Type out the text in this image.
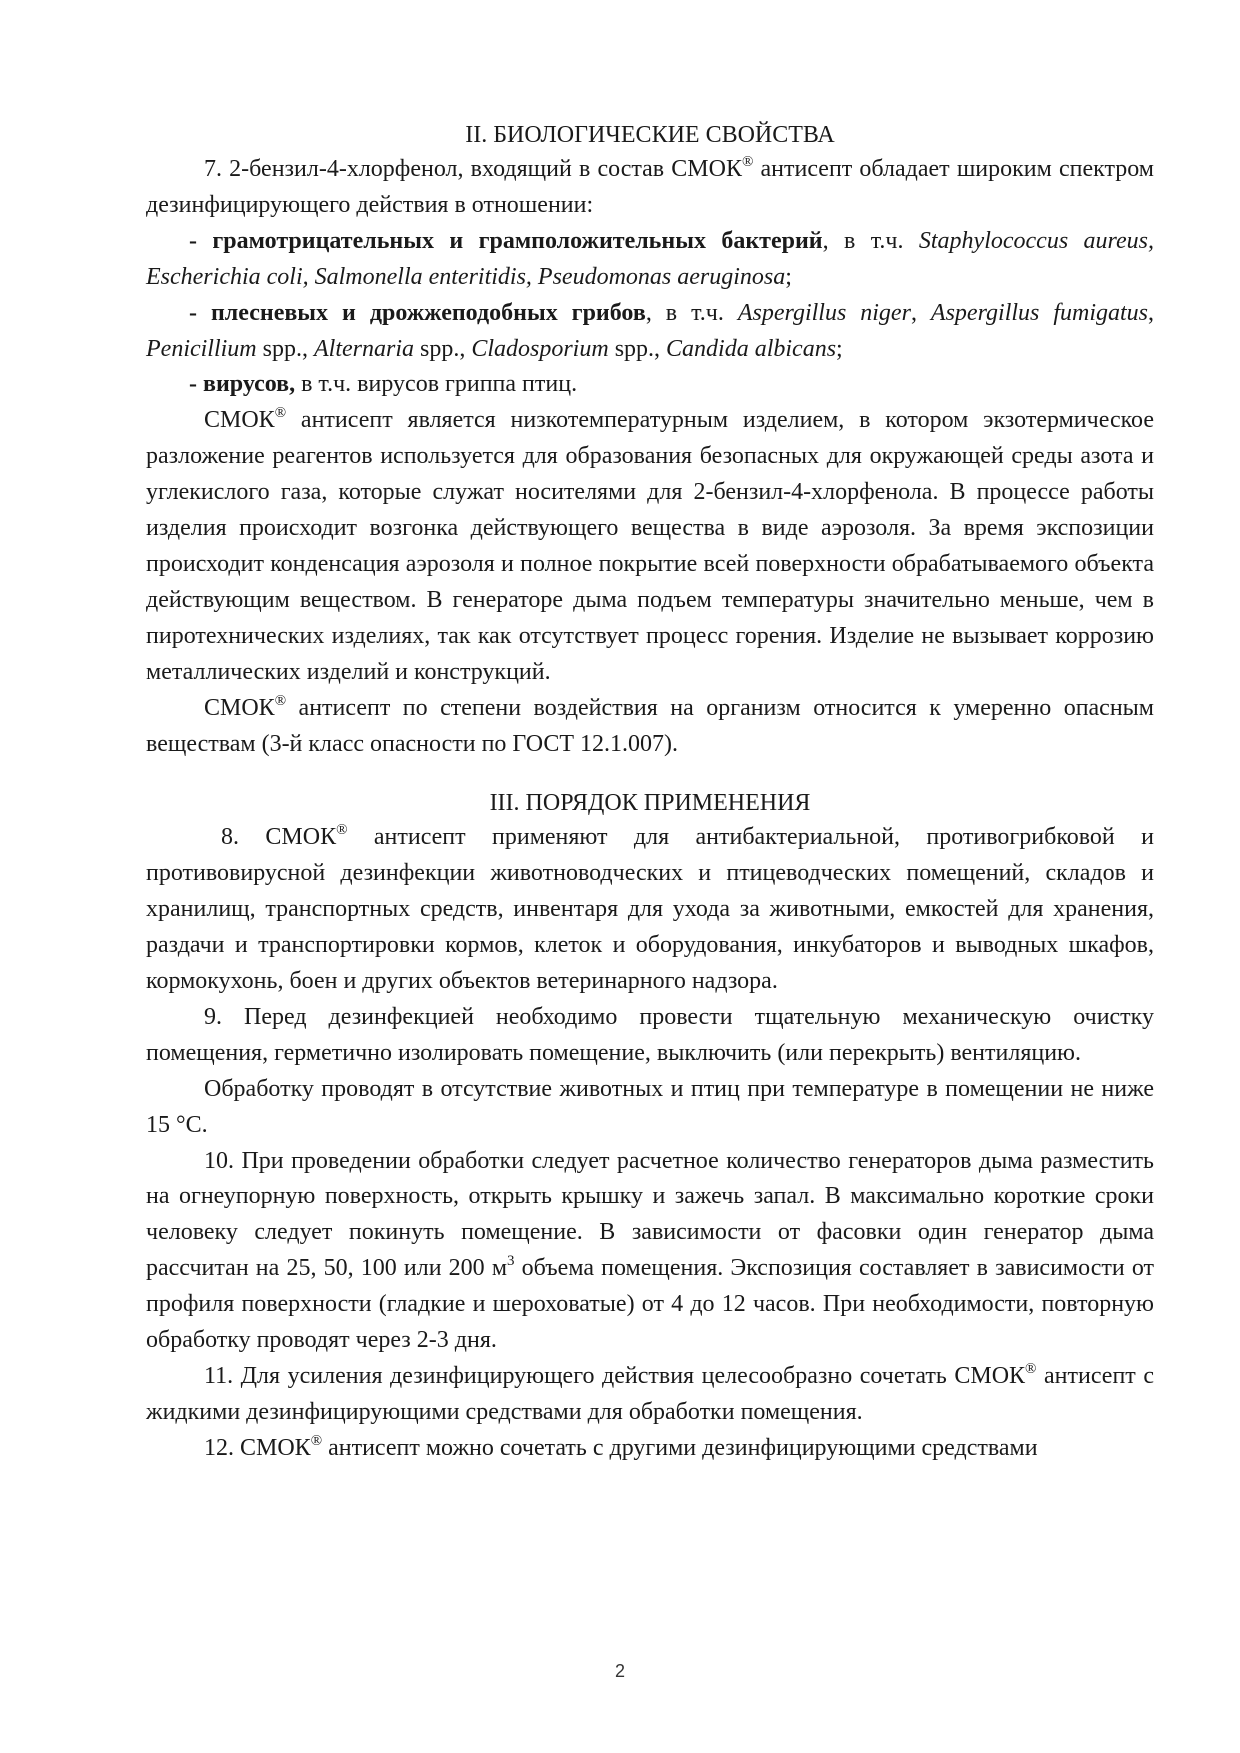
II. БИОЛОГИЧЕСКИЕ СВОЙСТВА

7. 2-бензил-4-хлорфенол, входящий в состав СМОК® антисепт обладает широким спектром дезинфицирующего действия в отношении:

- грамотрицательных и грамположительных бактерий, в т.ч. Staphylococcus aureus, Escherichia coli, Salmonella enteritidis, Pseudomonas aeruginosa;

- плесневых и дрожжеподобных грибов, в т.ч. Aspergillus niger, Aspergillus fumigatus, Penicillium spp., Alternaria spp., Cladosporium spp., Candida albicans;

- вирусов, в т.ч. вирусов гриппа птиц.

СМОК® антисепт является низкотемпературным изделием, в котором экзотермическое разложение реагентов используется для образования безопасных для окружающей среды азота и углекислого газа, которые служат носителями для 2-бензил-4-хлорфенола. В процессе работы изделия происходит возгонка действующего вещества в виде аэрозоля. За время экспозиции происходит конденсация аэрозоля и полное покрытие всей поверхности обрабатываемого объекта действующим веществом. В генераторе дыма подъем температуры значительно меньше, чем в пиротехнических изделиях, так как отсутствует процесс горения. Изделие не вызывает коррозию металлических изделий и конструкций.

СМОК® антисепт по степени воздействия на организм относится к умеренно опасным веществам (3-й класс опасности по ГОСТ 12.1.007).

III. ПОРЯДОК ПРИМЕНЕНИЯ

8. СМОК® антисепт применяют для антибактериальной, противогрибковой и противовирусной дезинфекции животноводческих и птицеводческих помещений, складов и хранилищ, транспортных средств, инвентаря для ухода за животными, емкостей для хранения, раздачи и транспортировки кормов, клеток и оборудования, инкубаторов и выводных шкафов, кормокухонь, боен и других объектов ветеринарного надзора.

9. Перед дезинфекцией необходимо провести тщательную механическую очистку помещения, герметично изолировать помещение, выключить (или перекрыть) вентиляцию.

Обработку проводят в отсутствие животных и птиц при температуре в помещении не ниже 15 °С.

10. При проведении обработки следует расчетное количество генераторов дыма разместить на огнеупорную поверхность, открыть крышку и зажечь запал. В максимально короткие сроки человеку следует покинуть помещение. В зависимости от фасовки один генератор дыма рассчитан на 25, 50, 100 или 200 $м^3$ объема помещения. Экспозиция составляет в зависимости от профиля поверхности (гладкие и шероховатые) от 4 до 12 часов. При необходимости, повторную обработку проводят через 2-3 дня.

11. Для усиления дезинфицирующего действия целесообразно сочетать СМОК® антисепт с жидкими дезинфицирующими средствами для обработки помещения.

12. СМОК® антисепт можно сочетать с другими дезинфицирующими средствами

2
